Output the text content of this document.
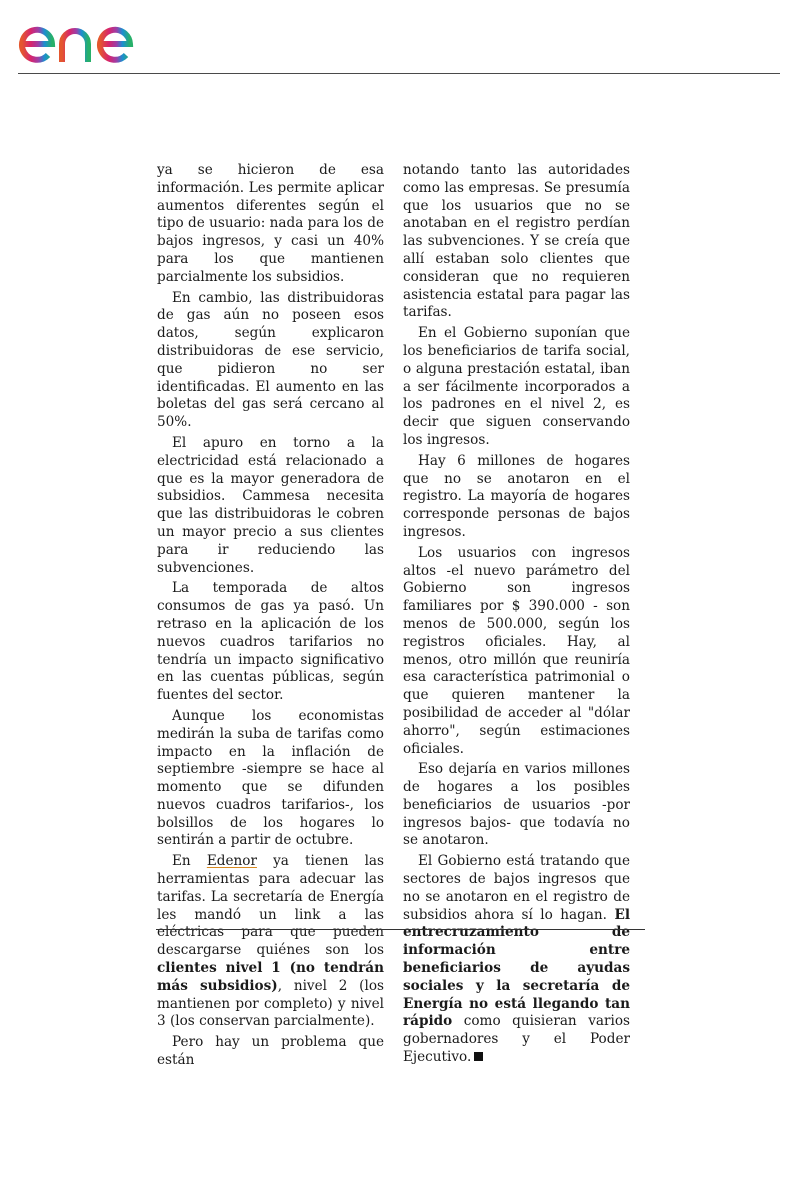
ya se hicieron de esa información. Les permite aplicar aumentos diferentes según el tipo de usuario: nada para los de bajos ingresos, y casi un 40% para los que mantienen parcialmente los subsidios.

En cambio, las distribuidoras de gas aún no poseen esos datos, según explicaron distribuidoras de ese servicio, que pidieron no ser identificadas. El aumento en las boletas del gas será cercano al 50%.

El apuro en torno a la electricidad está relacionado a que es la mayor generadora de subsidios. Cammesa necesita que las distribuidoras le cobren un mayor precio a sus clientes para ir reduciendo las subvenciones.

La temporada de altos consumos de gas ya pasó. Un retraso en la aplicación de los nuevos cuadros tarifarios no tendría un impacto significativo en las cuentas públicas, según fuentes del sector.

Aunque los economistas medirán la suba de tarifas como impacto en la inflación de septiembre -siempre se hace al momento que se difunden nuevos cuadros tarifarios-, los bolsillos de los hogares lo sentirán a partir de octubre.

En Edenor ya tienen las herramientas para adecuar las tarifas. La secretaría de Energía les mandó un link a las eléctricas para que pueden descargarse quiénes son los clientes nivel 1 (no tendrán más subsidios), nivel 2 (los mantienen por completo) y nivel 3 (los conservan parcialmente).

Pero hay un problema que están

notando tanto las autoridades como las empresas. Se presumía que los usuarios que no se anotaban en el registro perdían las subvenciones. Y se creía que allí estaban solo clientes que consideran que no requieren asistencia estatal para pagar las tarifas.

En el Gobierno suponían que los beneficiarios de tarifa social, o alguna prestación estatal, iban a ser fácilmente incorporados a los padrones en el nivel 2, es decir que siguen conservando los ingresos.

Hay 6 millones de hogares que no se anotaron en el registro. La mayoría de hogares corresponde personas de bajos ingresos.

Los usuarios con ingresos altos -el nuevo parámetro del Gobierno son ingresos familiares por $ 390.000 - son menos de 500.000, según los registros oficiales. Hay, al menos, otro millón que reuniría esa característica patrimonial o que quieren mantener la posibilidad de acceder al "dólar ahorro", según estimaciones oficiales.

Eso dejaría en varios millones de hogares a los posibles beneficiarios de usuarios -por ingresos bajos- que todavía no se anotaron.

El Gobierno está tratando que sectores de bajos ingresos que no se anotaron en el registro de subsidios ahora sí lo hagan. El entrecruzamiento de información entre beneficiarios de ayudas sociales y la secretaría de Energía no está llegando tan rápido como quisieran varios gobernadores y el Poder Ejecutivo.
